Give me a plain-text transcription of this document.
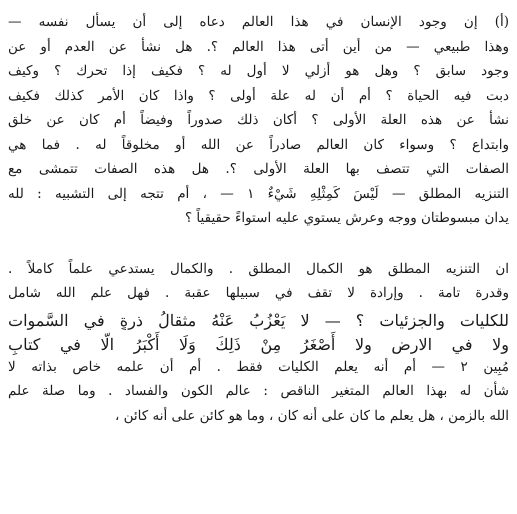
(أ) إن وجود الإنسان في هذا العالم دعاه إلى أن يسأل نفسه —
وهذا طبيعي — من أين أتى هذا العالم ؟. هل نشأ عن العدم أو عن
وجود سابق ؟ وهل هو أزلي لا أول له ؟ فكيف إذا تحرك ؟ وكيف
دبت فيه الحياة ؟ أم أن له علة أولى ؟ واذا كان الأمر كذلك فكيف
نشأ عن هذه العلة الأولى ؟ أكان ذلك صدوراً وفيضاً أم كان عن خلق
وابتداع ؟ وسواء كان العالم صادراً عن الله أو مخلوقاً له . فما هي
الصفات التي تتصف بها العلة الأولى ؟. هل هذه الصفات تتمشى مع
التنزيه المطلق — لَيْسَ كَمِثْلِهِ شَيْءٌ ١ — ، أم تتجه إلى التشبيه : لله
يدان مبسوطتان ووجه وعرش يستوي عليه استواءً حقيقياً ؟
ان التنزيه المطلق هو الكمال المطلق . والكمال يستدعي علماً كاملاً .
وقدرة تامة . وإرادة لا تقف في سبيلها عقبة . فهل علم الله شامل
للكليات والجزئيات ؟ — لا يَعْزُبُ عَنْهُ مثقالُ ذرةٍ في السَّموات
ولا في الارض ولا أَصْغَرُ مِنْ ذَلِكَ وَلَا أَكْبَرُ الّا في كتابٍ
مُبِين ٢ — أم أنه يعلم الكليات فقط . أم أن علمه خاص بذاته لا
شأن له بهذا العالم المتغير الناقص : عالم الكون والفساد . وما صلة علم
الله بالزمن ، هل يعلم ما كان على أنه كان ، وما هو كائن على أنه كائن ،
